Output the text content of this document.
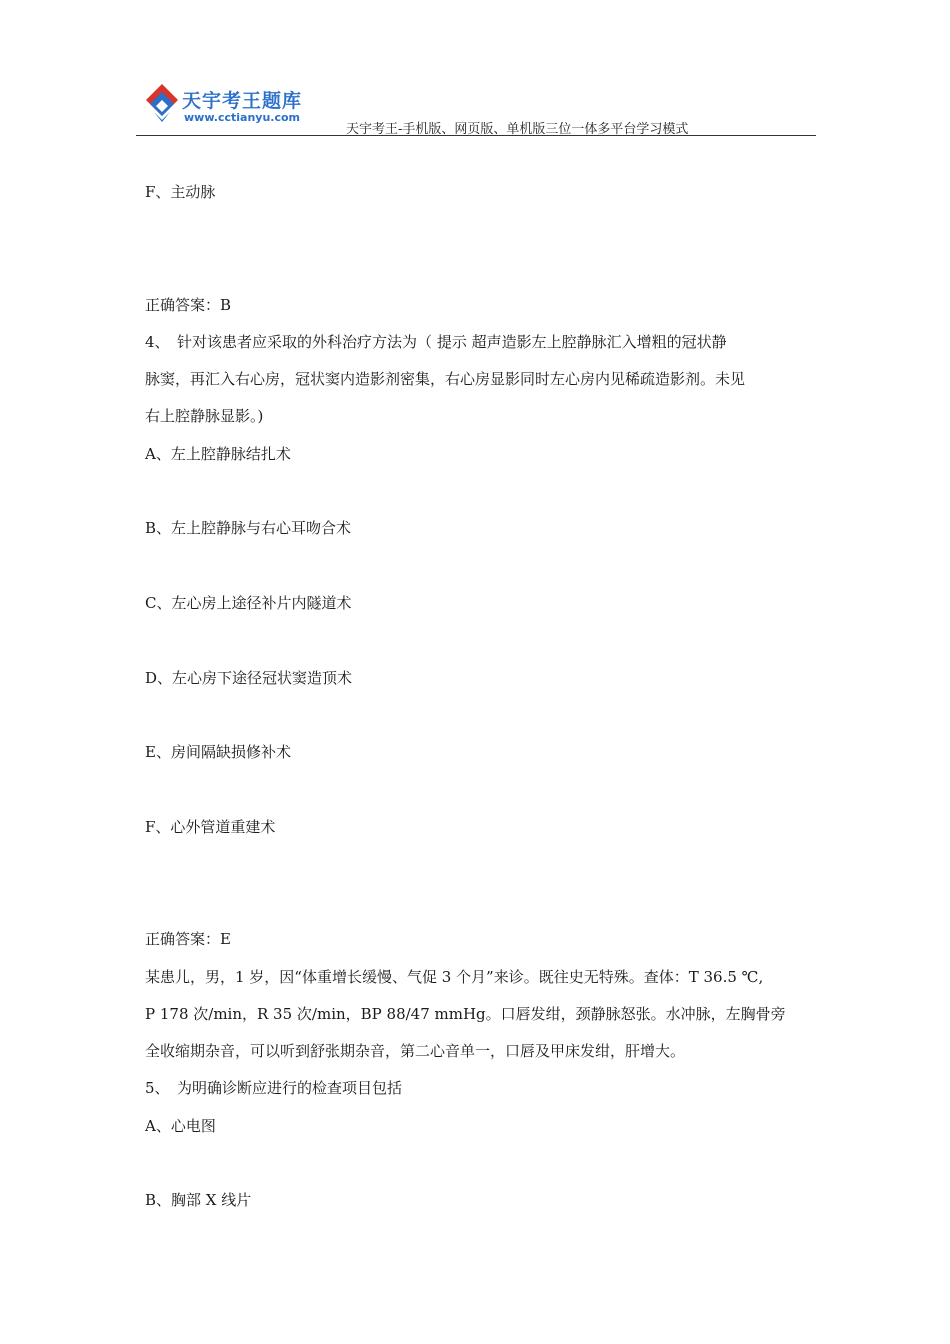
天宇考王题库
www.cctianyu.com
天宇考王-手机版、网页版、单机版三位一体多平台学习模式
F、主动脉
正确答案：B
4、　针对该患者应采取的外科治疗方法为（ 提示 超声造影左上腔静脉汇入增粗的冠状静
脉窦，再汇入右心房，冠状窦内造影剂密集，右心房显影同时左心房内见稀疏造影剂。未见
右上腔静脉显影。)
A、左上腔静脉结扎术
B、左上腔静脉与右心耳吻合术
C、左心房上途径补片内隧道术
D、左心房下途径冠状窦造顶术
E、房间隔缺损修补术
F、心外管道重建术
正确答案：E
某患儿，男，1 岁，因“体重增长缓慢、气促 3 个月”来诊。既往史无特殊。查体：T 36.5 ℃,
P 178 次/min，R 35 次/min，BP 88/47 mmHg。口唇发绀，颈静脉怒张。水冲脉，左胸骨旁
全收缩期杂音，可以听到舒张期杂音，第二心音单一，口唇及甲床发绀，肝增大。
5、　为明确诊断应进行的检查项目包括
A、心电图
B、胸部 X 线片
